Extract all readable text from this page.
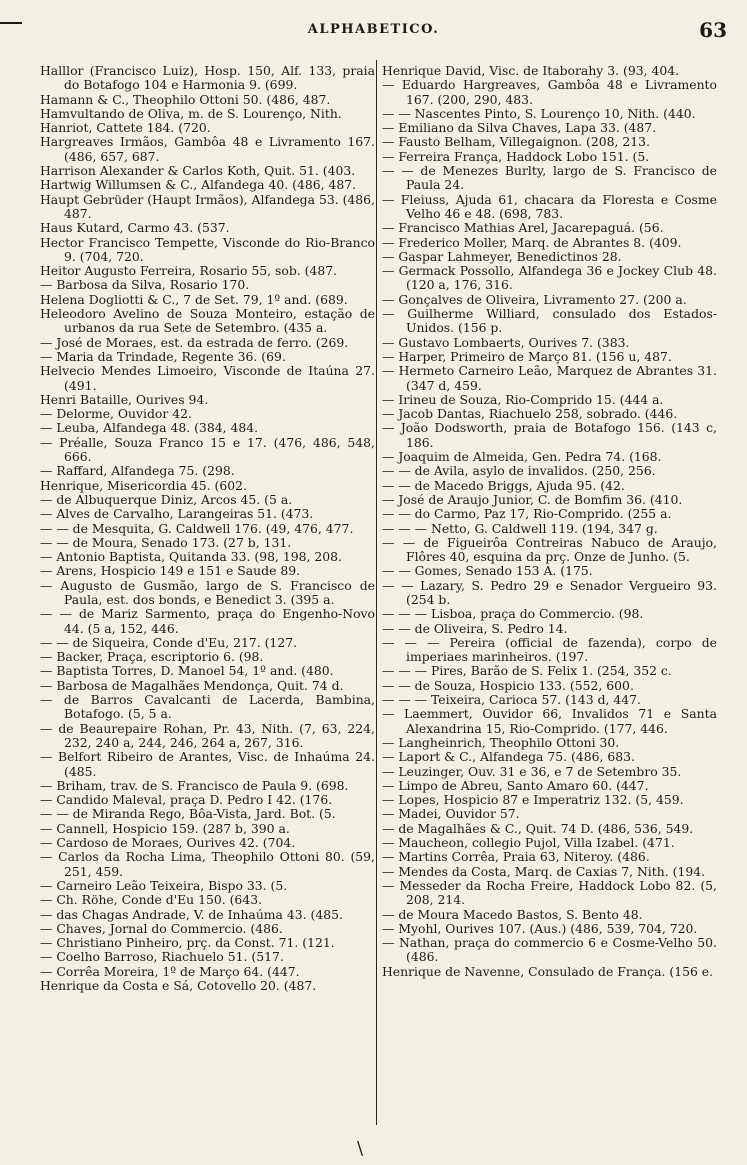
ALPHABETICO.	63
Halllor (Francisco Luiz), Hosp. 150, Alf. 133, praia do Botafogo 104 e Harmonia 9. (699.
Hamann & C., Theophilo Ottoni 50. (486, 487.
Hamvultando de Oliva, m. de S. Lourenço, Nith.
Hanriot, Cattete 184. (720.
Hargreaves Irmãos, Gambôa 48 e Livramento 167. (486, 657, 687.
Harrison Alexander & Carlos Koth, Quit. 51. (403.
Hartwig Willumsen & C., Alfandega 40. (486, 487.
Haupt Gebrüder (Haupt Irmãos), Alfandega 53. (486, 487.
Haus Kutard, Carmo 43. (537.
Hector Francisco Tempette, Visconde do Rio-Branco 9. (704, 720.
Heitor Augusto Ferreira, Rosario 55, sob. (487.
— Barbosa da Silva, Rosario 170.
Helena Dogliotti & C., 7 de Set. 79, 1º and. (689.
Heleodoro Avelino de Souza Monteiro, estação de urbanos da rua Sete de Setembro. (435 a.
— José de Moraes, est. da estrada de ferro. (269.
— Maria da Trindade, Regente 36. (69.
Helvecio Mendes Limoeiro, Visconde de Itaúna 27. (491.
Henri Bataille, Ourives 94.
— Delorme, Ouvidor 42.
— Leuba, Alfandega 48. (384, 484.
— Préalle, Souza Franco 15 e 17. (476, 486, 548, 666.
— Raffard, Alfandega 75. (298.
Henrique, Misericordia 45. (602.
— de Albuquerque Diniz, Arcos 45. (5 a.
— Alves de Carvalho, Larangeiras 51. (473.
— — de Mesquita, G. Caldwell 176. (49, 476, 477.
— — de Moura, Senado 173. (27 b, 131.
— Antonio Baptista, Quitanda 33. (98, 198, 208.
— Arens, Hospicio 149 e 151 e Saude 89.
— Augusto de Gusmão, largo de S. Francisco de Paula, est. dos bonds, e Benedict 3. (395 a.
— — de Mariz Sarmento, praça do Engenho-Novo 44. (5 a, 152, 446.
— — de Siqueira, Conde d'Eu, 217. (127.
— Backer, Praça, escriptorio 6. (98.
— Baptista Torres, D. Manoel 54, 1º and. (480.
— Barbosa de Magalhães Mendonça, Quit. 74 d.
— de Barros Cavalcanti de Lacerda, Bambina, Botafogo. (5, 5 a.
— de Beaurepaire Rohan, Pr. 43, Nith. (7, 63, 224, 232, 240 a, 244, 246, 264 a, 267, 316.
— Belfort Ribeiro de Arantes, Visc. de Inhaúma 24. (485.
— Briham, trav. de S. Francisco de Paula 9. (698.
— Candido Maleval, praça D. Pedro I 42. (176.
— — de Miranda Rego, Bôa-Vista, Jard. Bot. (5.
— Cannell, Hospicio 159. (287 b, 390 a.
— Cardoso de Moraes, Ourives 42. (704.
— Carlos da Rocha Lima, Theophilo Ottoni 80. (59, 251, 459.
— Carneiro Leão Teixeira, Bispo 33. (5.
— Ch. Röhe, Conde d'Eu 150. (643.
— das Chagas Andrade, V. de Inhaúma 43. (485.
— Chaves, Jornal do Commercio. (486.
— Christiano Pinheiro, prç. da Const. 71. (121.
— Coelho Barroso, Riachuelo 51. (517.
— Corrêa Moreira, 1º de Março 64. (447.
Henrique da Costa e Sá, Cotovello 20. (487.
Henrique David, Visc. de Itaborahy 3. (93, 404.
— Eduardo Hargreaves, Gambôa 48 e Livramento 167. (200, 290, 483.
— — Nascentes Pinto, S. Lourenço 10, Nith. (440.
— Emiliano da Silva Chaves, Lapa 33. (487.
— Fausto Belham, Villegaignon. (208, 213.
— Ferreira França, Haddock Lobo 151. (5.
— — de Menezes Burlty, largo de S. Francisco de Paula 24.
— Fleiuss, Ajuda 61, chacara da Floresta e Cosme Velho 46 e 48. (698, 783.
— Francisco Mathias Arel, Jacarepaguá. (56.
— Frederico Moller, Marq. de Abrantes 8. (409.
— Gaspar Lahmeyer, Benedictinos 28.
— Germack Possollo, Alfandega 36 e Jockey Club 48. (120 a, 176, 316.
— Gonçalves de Oliveira, Livramento 27. (200 a.
— Guilherme Williard, consulado dos Estados-Unidos. (156 p.
— Gustavo Lombaerts, Ourives 7. (383.
— Harper, Primeiro de Março 81. (156 u, 487.
— Hermeto Carneiro Leão, Marquez de Abrantes 31. (347 d, 459.
— Irineu de Souza, Rio-Comprido 15. (444 a.
— Jacob Dantas, Riachuelo 258, sobrado. (446.
— João Dodsworth, praia de Botafogo 156. (143 c, 186.
— Joaquim de Almeida, Gen. Pedra 74. (168.
— — de Avila, asylo de invalidos. (250, 256.
— — de Macedo Briggs, Ajuda 95. (42.
— José de Araujo Junior, C. de Bomfim 36. (410.
— — do Carmo, Paz 17, Rio-Comprido. (255 a.
— — — Netto, G. Caldwell 119. (194, 347 g.
— — de Figueirôa Contreiras Nabuco de Araujo, Flôres 40, esquina da prç. Onze de Junho. (5.
— — Gomes, Senado 153 A. (175.
— — Lazary, S. Pedro 29 e Senador Vergueiro 93. (254 b.
— — — Lisboa, praça do Commercio. (98.
— — de Oliveira, S. Pedro 14.
— — — Pereira (official de fazenda), corpo de imperiaes marinheiros. (197.
— — — Pires, Barão de S. Felix 1. (254, 352 c.
— — de Souza, Hospicio 133. (552, 600.
— — — Teixeira, Carioca 57. (143 d, 447.
— Laemmert, Ouvidor 66, Invalidos 71 e Santa Alexandrina 15, Rio-Comprido. (177, 446.
— Langheinrich, Theophilo Ottoni 30.
— Laport & C., Alfandega 75. (486, 683.
— Leuzinger, Ouv. 31 e 36, e 7 de Setembro 35.
— Limpo de Abreu, Santo Amaro 60. (447.
— Lopes, Hospicio 87 e Imperatriz 132. (5, 459.
— Madei, Ouvidor 57.
— de Magalhães & C., Quit. 74 D. (486, 536, 549.
— Maucheon, collegio Pujol, Villa Izabel. (471.
— Martins Corrêa, Praia 63, Niteroy. (486.
— Mendes da Costa, Marq. de Caxias 7, Nith. (194.
— Messeder da Rocha Freire, Haddock Lobo 82. (5, 208, 214.
— de Moura Macedo Bastos, S. Bento 48.
— Myohl, Ourives 107. (Aus.) (486, 539, 704, 720.
— Nathan, praça do commercio 6 e Cosme-Velho 50. (486.
Henrique de Navenne, Consulado de França. (156 e.
\
